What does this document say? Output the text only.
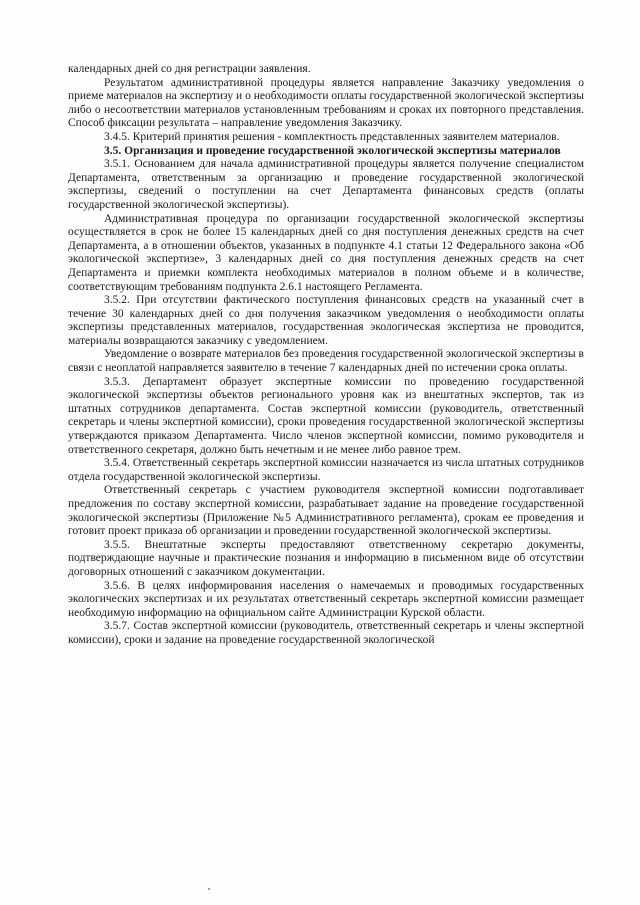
календарных дней со дня регистрации заявления.

Результатом административной процедуры является направление Заказчику уведомления о приеме материалов на экспертизу и о необходимости оплаты государственной экологической экспертизы либо о несоответствии материалов установленным требованиям и сроках их повторного представления. Способ фиксации результата – направление уведомления Заказчику.

3.4.5. Критерий принятия решения - комплектность представленных заявителем материалов.

3.5. Организация и проведение государственной экологической экспертизы материалов

3.5.1. Основанием для начала административной процедуры является получение специалистом Департамента, ответственным за организацию и проведение государственной экологической экспертизы, сведений о поступлении на счет Департамента финансовых средств (оплаты государственной экологической экспертизы).

Административная процедура по организации государственной экологической экспертизы осуществляется в срок не более 15 календарных дней со дня поступления денежных средств на счет Департамента, а в отношении объектов, указанных в подпункте 4.1 статьи 12 Федерального закона «Об экологической экспертизе», 3 календарных дней со дня поступления денежных средств на счет Департамента и приемки комплекта необходимых материалов в полном объеме и в количестве, соответствующим требованиям подпункта 2.6.1 настоящего Регламента.

3.5.2. При отсутствии фактического поступления финансовых средств на указанный счет в течение 30 календарных дней со дня получения заказчиком уведомления о необходимости оплаты экспертизы представленных материалов, государственная экологическая экспертиза не проводится, материалы возвращаются заказчику с уведомлением.

Уведомление о возврате материалов без проведения государственной экологической экспертизы в связи с неоплатой направляется заявителю в течение 7 календарных дней по истечении срока оплаты.

3.5.3. Департамент образует экспертные комиссии по проведению государственной экологической экспертизы объектов регионального уровня как из внештатных экспертов, так из штатных сотрудников департамента. Состав экспертной комиссии (руководитель, ответственный секретарь и члены экспертной комиссии), сроки проведения государственной экологической экспертизы утверждаются приказом Департамента. Число членов экспертной комиссии, помимо руководителя и ответственного секретаря, должно быть нечетным и не менее либо равное трем.

3.5.4. Ответственный секретарь экспертной комиссии назначается из числа штатных сотрудников отдела государственной экологической экспертизы.

Ответственный секретарь с участием руководителя экспертной комиссии подготавливает предложения по составу экспертной комиссии, разрабатывает задание на проведение государственной экологической экспертизы (Приложение №5 Административного регламента), срокам ее проведения и готовит проект приказа об организации и проведении государственной экологической экспертизы.

3.5.5. Внештатные эксперты предоставляют ответственному секретарю документы, подтверждающие научные и практические познания и информацию в письменном виде об отсутствии договорных отношений с заказчиком документации.

3.5.6. В целях информирования населения о намечаемых и проводимых государственных экологических экспертизах и их результатах ответственный секретарь экспертной комиссии размещает необходимую информацию на официальном сайте Администрации Курской области.

3.5.7. Состав экспертной комиссии (руководитель, ответственный секретарь и члены экспертной комиссии), сроки и задание на проведение государственной экологической
